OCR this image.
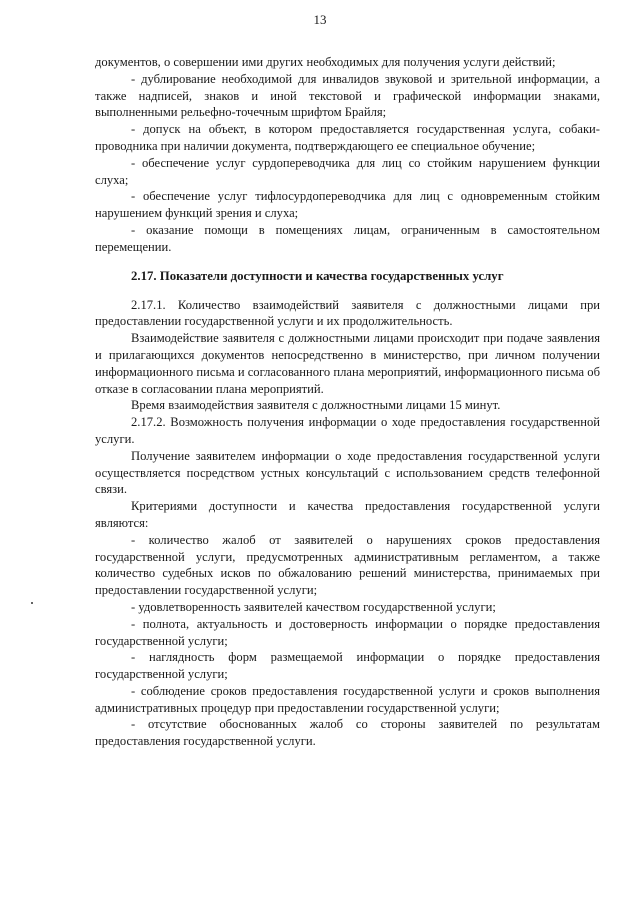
13

документов, о совершении ими других необходимых для получения услуги действий;

- дублирование необходимой для инвалидов звуковой и зрительной информации, а также надписей, знаков и иной текстовой и графической информации знаками, выполненными рельефно-точечным шрифтом Брайля;

- допуск на объект, в котором предоставляется государственная услуга, собаки-проводника при наличии документа, подтверждающего ее специальное обучение;

- обеспечение услуг сурдопереводчика для лиц со стойким нарушением функции слуха;

- обеспечение услуг тифлосурдопереводчика для лиц с одновременным стойким нарушением функций зрения и слуха;

- оказание помощи в помещениях лицам, ограниченным в самостоятельном перемещении.

2.17. Показатели доступности и качества государственных услуг

2.17.1. Количество взаимодействий заявителя с должностными лицами при предоставлении государственной услуги и их продолжительность.

Взаимодействие заявителя с должностными лицами происходит при подаче заявления и прилагающихся документов непосредственно в министерство, при личном получении информационного письма и согласованного плана мероприятий, информационного письма об отказе в согласовании плана мероприятий.

Время взаимодействия заявителя с должностными лицами 15 минут.

2.17.2. Возможность получения информации о ходе предоставления государственной услуги.

Получение заявителем информации о ходе предоставления государственной услуги осуществляется посредством устных консультаций с использованием средств телефонной связи.

Критериями доступности и качества предоставления государственной услуги являются:

- количество жалоб от заявителей о нарушениях сроков предоставления государственной услуги, предусмотренных административным регламентом, а также количество судебных исков по обжалованию решений министерства, принимаемых при предоставлении государственной услуги;

- удовлетворенность заявителей качеством государственной услуги;

- полнота, актуальность и достоверность информации о порядке предоставления государственной услуги;

- наглядность форм размещаемой информации о порядке предоставления государственной услуги;

- соблюдение сроков предоставления государственной услуги и сроков выполнения административных процедур при предоставлении государственной услуги;

- отсутствие обоснованных жалоб со стороны заявителей по результатам предоставления государственной услуги.
